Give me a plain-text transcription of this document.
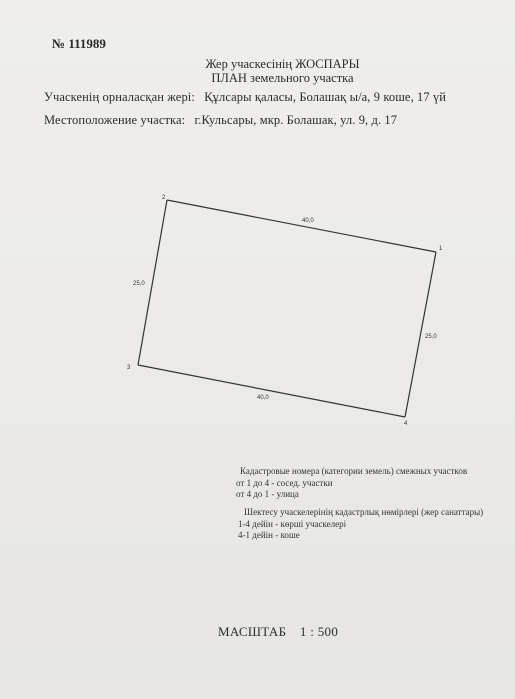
№ 111989
Жер учаскесінің ЖОСПАРЫ
ПЛАН земельного участка
Учаскенің орналасқан жері: Құлсары қаласы, Болашақ ы/а, 9 коше, 17 үй
Местоположение участка: г.Кульсары, мкр. Болашак, ул. 9, д. 17
2
1
3
4
40,0
25,0
25,0
40,0
Кадастровые номера (категории земель) смежных участков
от 1 до 4 - сосед. участки
от 4 до 1 - улица
Шектесу учаскелерінің кадастрлық нөмірлері (жер санаттары)
1-4 дейін - көрші учаскелері
4-1 дейін - коше
МАСШТАБ 1 : 500
